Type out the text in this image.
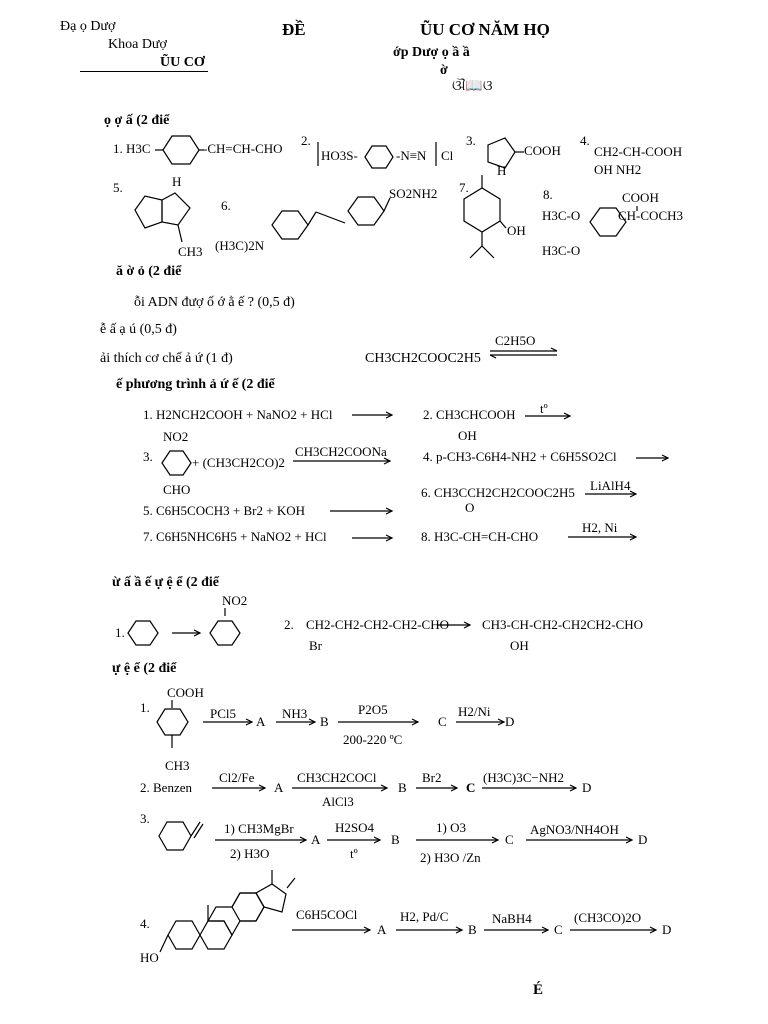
Đạ ọ Dượ
Khoa Dượ
ŨU CƠ
ĐỀ	ŨU CƠ NĂM HỌ
ớp Dượ ọ ầ ầ
ờ
ଔ📖ଓ
ọ ợ ấ (2 điể
1. H3C	-CH=CH-CHO
2.
HO3S-	-N≡N Cl
3.
COOH
H
4.
CH2-CH-COOH
OH NH2
5.	H
CH3
6.
(H3C)2N
SO2NH2 7.
OH
8.	COOH
H3C-O	CH-COCH3
H3C-O
ă ờ ỏ (2 điể
ỗi ADN đượ ố ớ ằ ế ? (0,5 đ)
ễ ấ ạ ú (0,5 đ)
ải thích cơ chế ả ứ (1 đ)	CH3CH2COOC2H5
C2H5O
ế phương trình ả ứ ế (2 điể
1. H2NCH2COOH + NaNO2 + HCl	2. CH3CHCOOH
OH
tº
3.
NO2
CHO
+ (CH3CH2CO)2
CH3CH2COONa	4. p-CH3-C6H4-NH2 + C6H5SO2Cl
5. C6H5COCH3 + Br2 + KOH
6. CH3CCH2CH2COOC2H5
O
LiAlH4
7. C6H5NHC6H5 + NaNO2 + HCl	8. H3C-CH=CH-CHO
H2, Ni
ừ ấ ầ ế ự ệ ể (2 điể
1.
NO2
2. CH2-CH2-CH2-CH2-CHO
Br
CH3-CH-CH2-CH2CH2-CHO
OH
ự ệ ể (2 điể
1.
COOH
CH3
PCl5
A
NH3
B
P2O5
200-220 ºC
C
H2/Ni
D
2. Benzen
Cl2/Fe
A
CH3CH2COCl
AlCl3
B
Br2
C
(H3C)3C−NH2
D
3.
1) CH3MgBr
2) H3O
A
H2SO4
tº
B
1) O3
2) H3O /Zn
C
AgNO3/NH4OH
D
4.
HO
C6H5COCl
A
H2, Pd/C
B
NaBH4
C
(CH3CO)2O
D
É
